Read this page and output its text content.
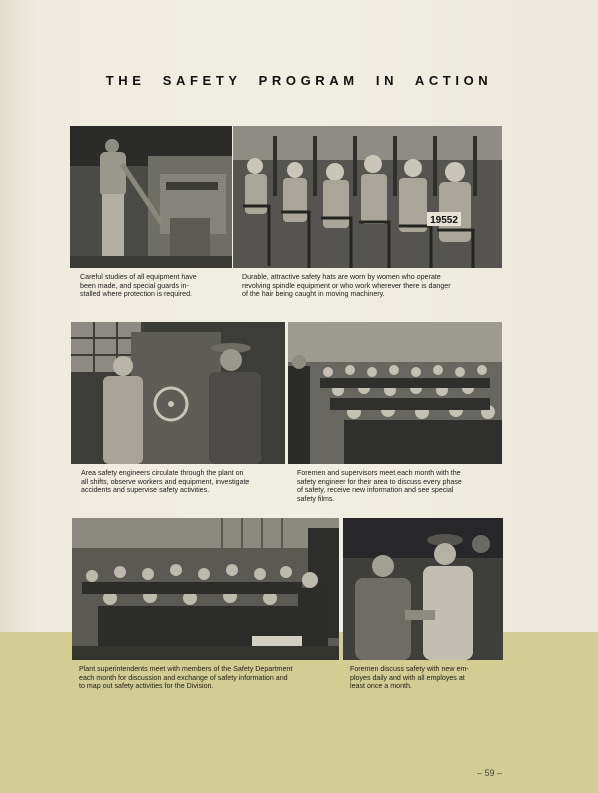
THE SAFETY PROGRAM IN ACTION

Careful studies of all equipment have
been made, and special guards in-
stalled where protection is required.

19552

Durable, attractive safety hats are worn by women who operate
revolving spindle equipment or who work wherever there is danger
of the hair being caught in moving machinery.

Area safety engineers circulate through the plant on
all shifts, observe workers and equipment, investigate
accidents and supervise safety activities.

Foremen and supervisors meet each month with the
safety engineer for their area to discuss every phase
of safety, receive new information and see special
safety films.

Plant superintendents meet with members of the Safety Department
each month for discussion and exchange of safety information and
to map out safety activities for the Division.

Foremen discuss safety with new em-
ployes daily and with all employes at
least once a month.

– 59 –
